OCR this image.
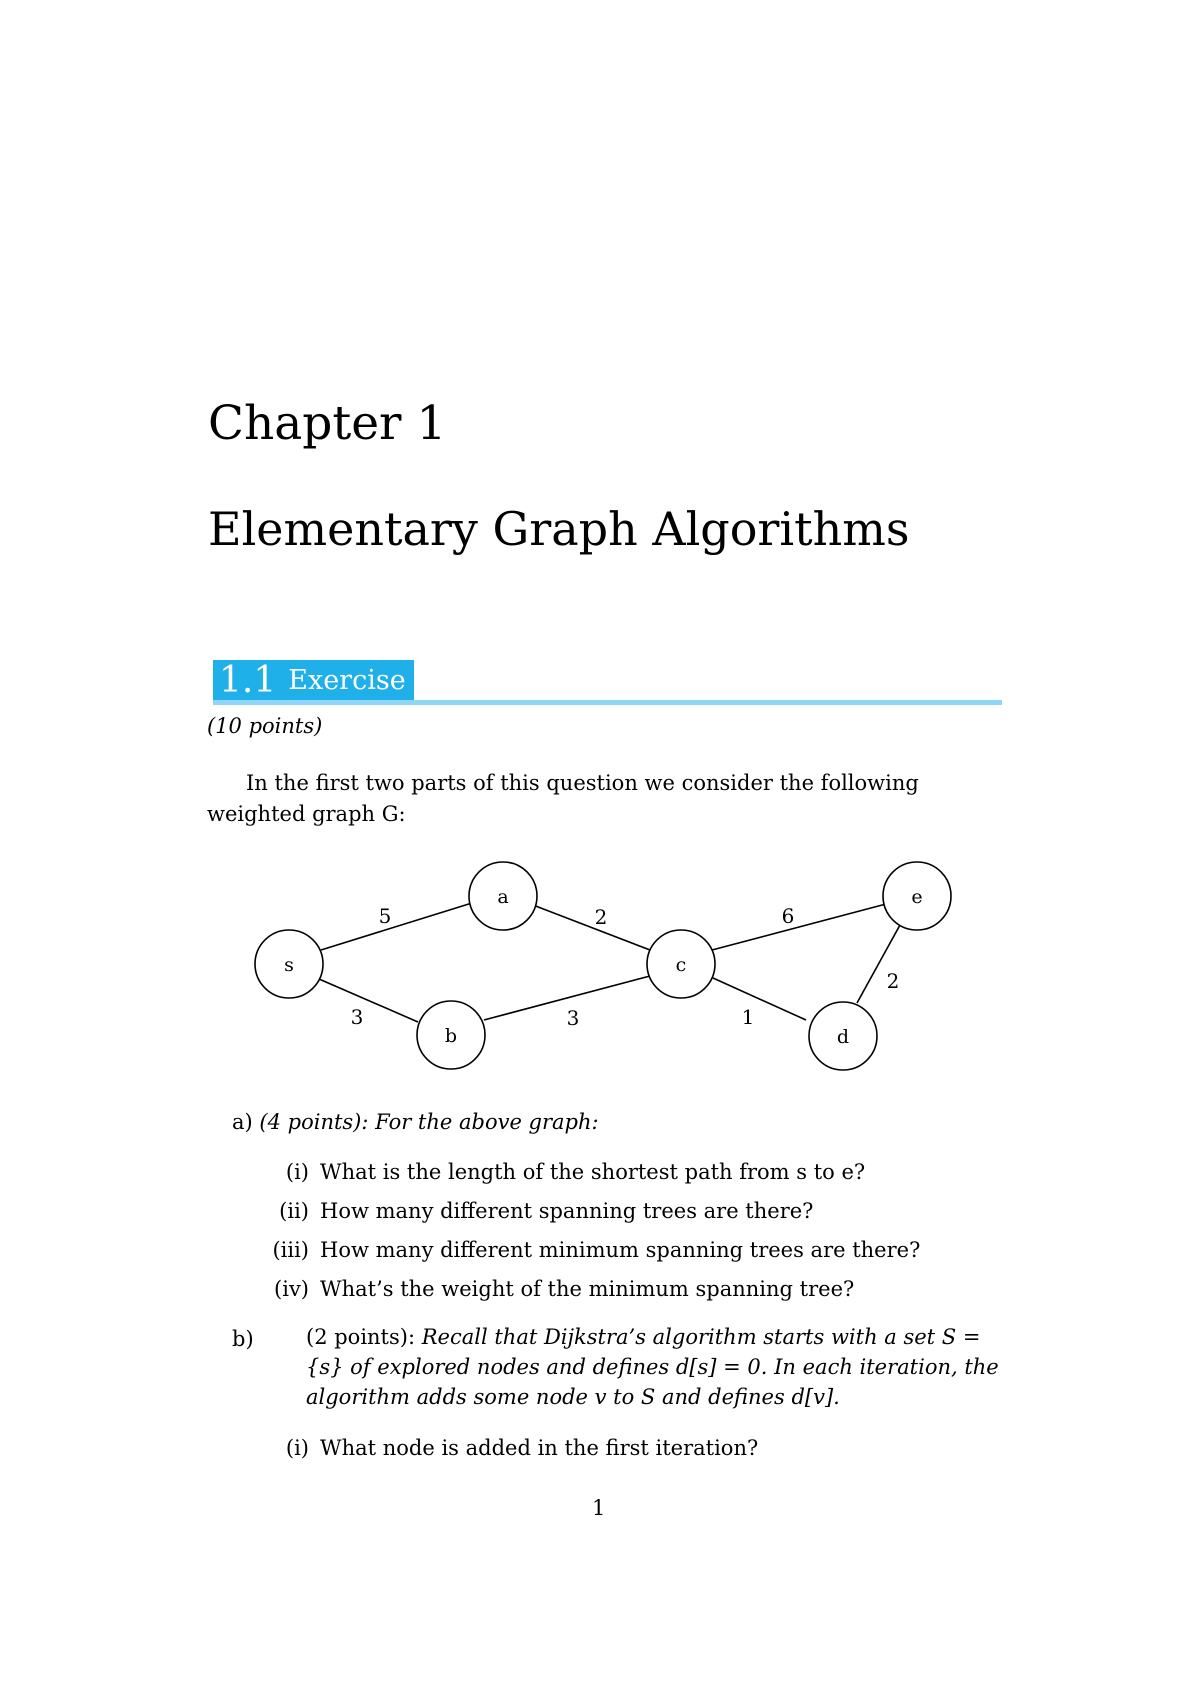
Chapter 1
Elementary Graph Algorithms
1.1 Exercise
(10 points)
In the first two parts of this question we consider the following weighted graph G:
s
a
b
c
d
e
5
3
2
3
6
1
2
a) (4 points): For the above graph:
(i) What is the length of the shortest path from s to e?
(ii) How many different spanning trees are there?
(iii) How many different minimum spanning trees are there?
(iv) What’s the weight of the minimum spanning tree?
b) (2 points): Recall that Dijkstra’s algorithm starts with a set S = {s} of explored nodes and defines d[s] = 0. In each iteration, the algorithm adds some node v to S and defines d[v].
(i) What node is added in the first iteration?
1
